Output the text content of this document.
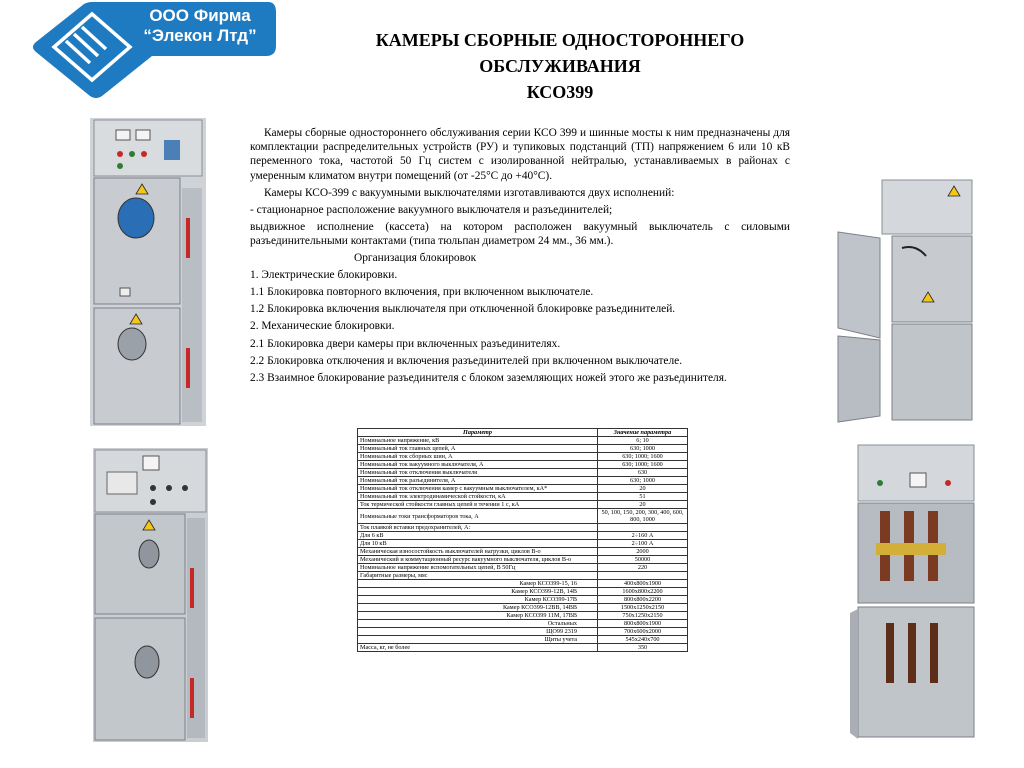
ООО Фирма
“Элекон Лтд”	КАМЕРЫ СБОРНЫЕ ОДНОСТОРОННЕГО
ОБСЛУЖИВАНИЯ
КСО399

Камеры сборные одностороннего обслуживания серии КСО 399 и шинные мосты к ним предназначены для комплектации распределительных устройств (РУ) и тупиковых подстанций (ТП) напряжением 6 или 10 кВ переменного тока, частотой 50 Гц систем с изолированной нейтралью, устанавливаемых в районах с умеренным климатом внутри помещений (от -25°С до +40°С).

Камеры КСО-399 с вакуумными выключателями изготавливаются двух исполнений:

- стационарное расположение вакуумного выключателя и разъединителей;

выдвижное исполнение (кассета) на котором расположен вакуумный выключатель с силовыми разъединительными контактами (типа тюльпан диаметром 24 мм., 36 мм.).

Организация блокировок

1. Электрические блокировки.

1.1 Блокировка повторного включения, при включенном выключателе.

1.2 Блокировка включения выключателя при отключенной блокировке разъединителей.

2. Механические блокировки.

2.1 Блокировка двери камеры при включенных разъединителях.

2.2 Блокировка отключения и включения разъединителей при включенном выключателе.

2.3 Взаимное блокирование разъединителя с блоком заземляющих ножей этого же разъединителя.

Параметр	Значение параметра
Номинальное напряжение, кВ	6; 10
Номинальный ток главных цепей, А	630; 1000
Номинальный ток сборных шин, А	630; 1000; 1600
Номинальный ток вакуумного выключателя, А	630; 1000; 1600
Номинальный ток отключения выключателя	630
Номинальный ток разъединителя, А	630; 1000
Номинальный ток отключения камер с вакуумным выключателем, кА*	20
Номинальный ток электродинамической стойкости, кА	51
Ток термической стойкости главных цепей в течении 1 с, кА	20
Номинальные токи трансформаторов тока, А	50, 100, 150, 200, 300, 400, 600, 800, 1000
Ток плавкой вставки предохранителей, А:	
Для 6 кВ	2÷160 А
Для 10 кВ	2÷100 А
Механическая износостойкость выключателей нагрузки, циклов В-о	2000
Механический и коммутационный ресурс вакуумного выключателя, циклов В-о	50000
Номинальное напряжение вспомогательных цепей, В 50Гц	220
Габаритные размеры, мм:	
Камер КСО399-15, 16	400х800х1900
Камер КСО399-12В, 14В	1600х800х2200
Камер КСО399-17В	800х800х2200
Камер КСО399-12ВВ, 14ВВ	1500х1250х2150
Камер КСО399 11М, 17ВВ	750х1250х2150
Остальных	800х800х1900
ЩО99 2319	700х600х2000
Щиты учета	545х240х700
Масса, кг, не более	350
